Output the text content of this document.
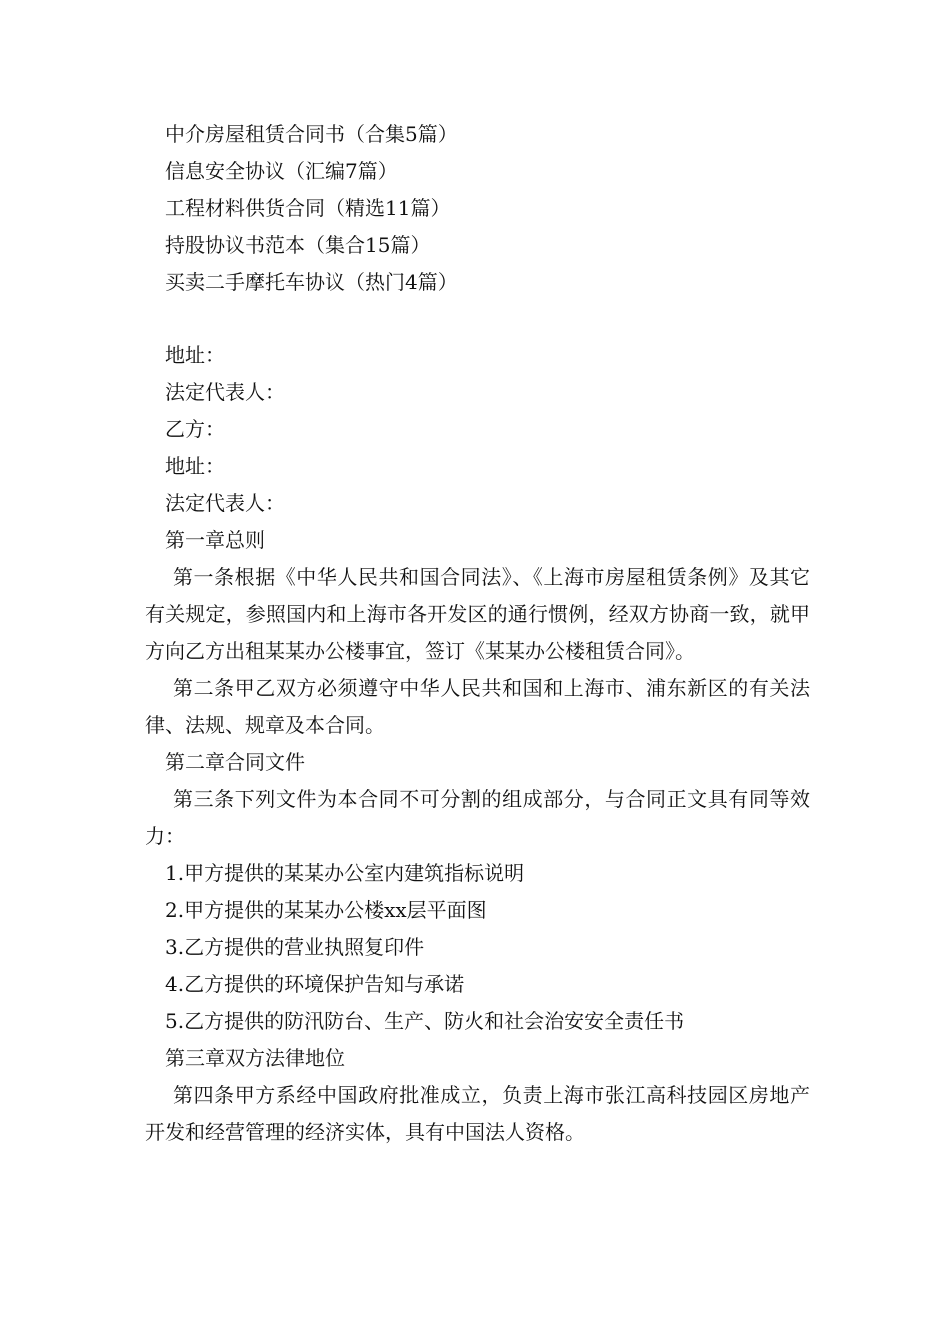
中介房屋租赁合同书（合集5篇）
信息安全协议（汇编7篇）
工程材料供货合同（精选11篇）
持股协议书范本（集合15篇）
买卖二手摩托车协议（热门4篇）
地址：
法定代表人：
乙方：
地址：
法定代表人：
第一章总则

第一条根据《中华人民共和国合同法》、《上海市房屋租赁条例》及其它有关规定，参照国内和上海市各开发区的通行惯例，经双方协商一致，就甲方向乙方出租某某办公楼事宜，签订《某某办公楼租赁合同》。

第二条甲乙双方必须遵守中华人民共和国和上海市、浦东新区的有关法律、法规、规章及本合同。

第二章合同文件

第三条下列文件为本合同不可分割的组成部分，与合同正文具有同等效力：

1.甲方提供的某某办公室内建筑指标说明
2.甲方提供的某某办公楼xx层平面图
3.乙方提供的营业执照复印件
4.乙方提供的环境保护告知与承诺
5.乙方提供的防汛防台、生产、防火和社会治安安全责任书
第三章双方法律地位

第四条甲方系经中国政府批准成立，负责上海市张江高科技园区房地产开发和经营管理的经济实体，具有中国法人资格。
